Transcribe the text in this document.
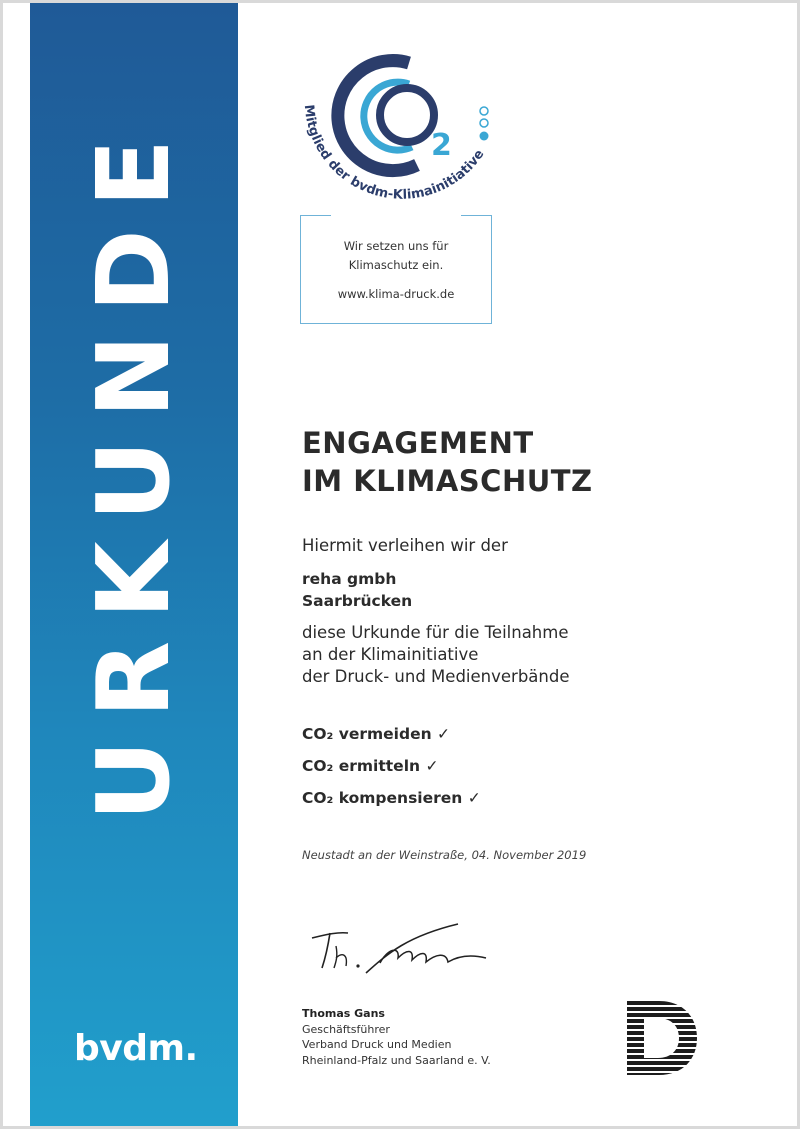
URKUNDE
bvdm.
2
Mitglied der bvdm-Klimainitiative
Wir setzen uns für
Klimaschutz ein.
www.klima-druck.de
ENGAGEMENT
IM KLIMASCHUTZ
Hiermit verleihen wir der
reha gmbh
Saarbrücken
diese Urkunde für die Teilnahme
an der Klimainitiative
der Druck- und Medienverbände
CO₂ vermeiden ✓
CO₂ ermitteln ✓
CO₂ kompensieren ✓
Neustadt an der Weinstraße, 04. November 2019
Thomas Gans
Geschäftsführer
Verband Druck und Medien
Rheinland-Pfalz und Saarland e. V.
